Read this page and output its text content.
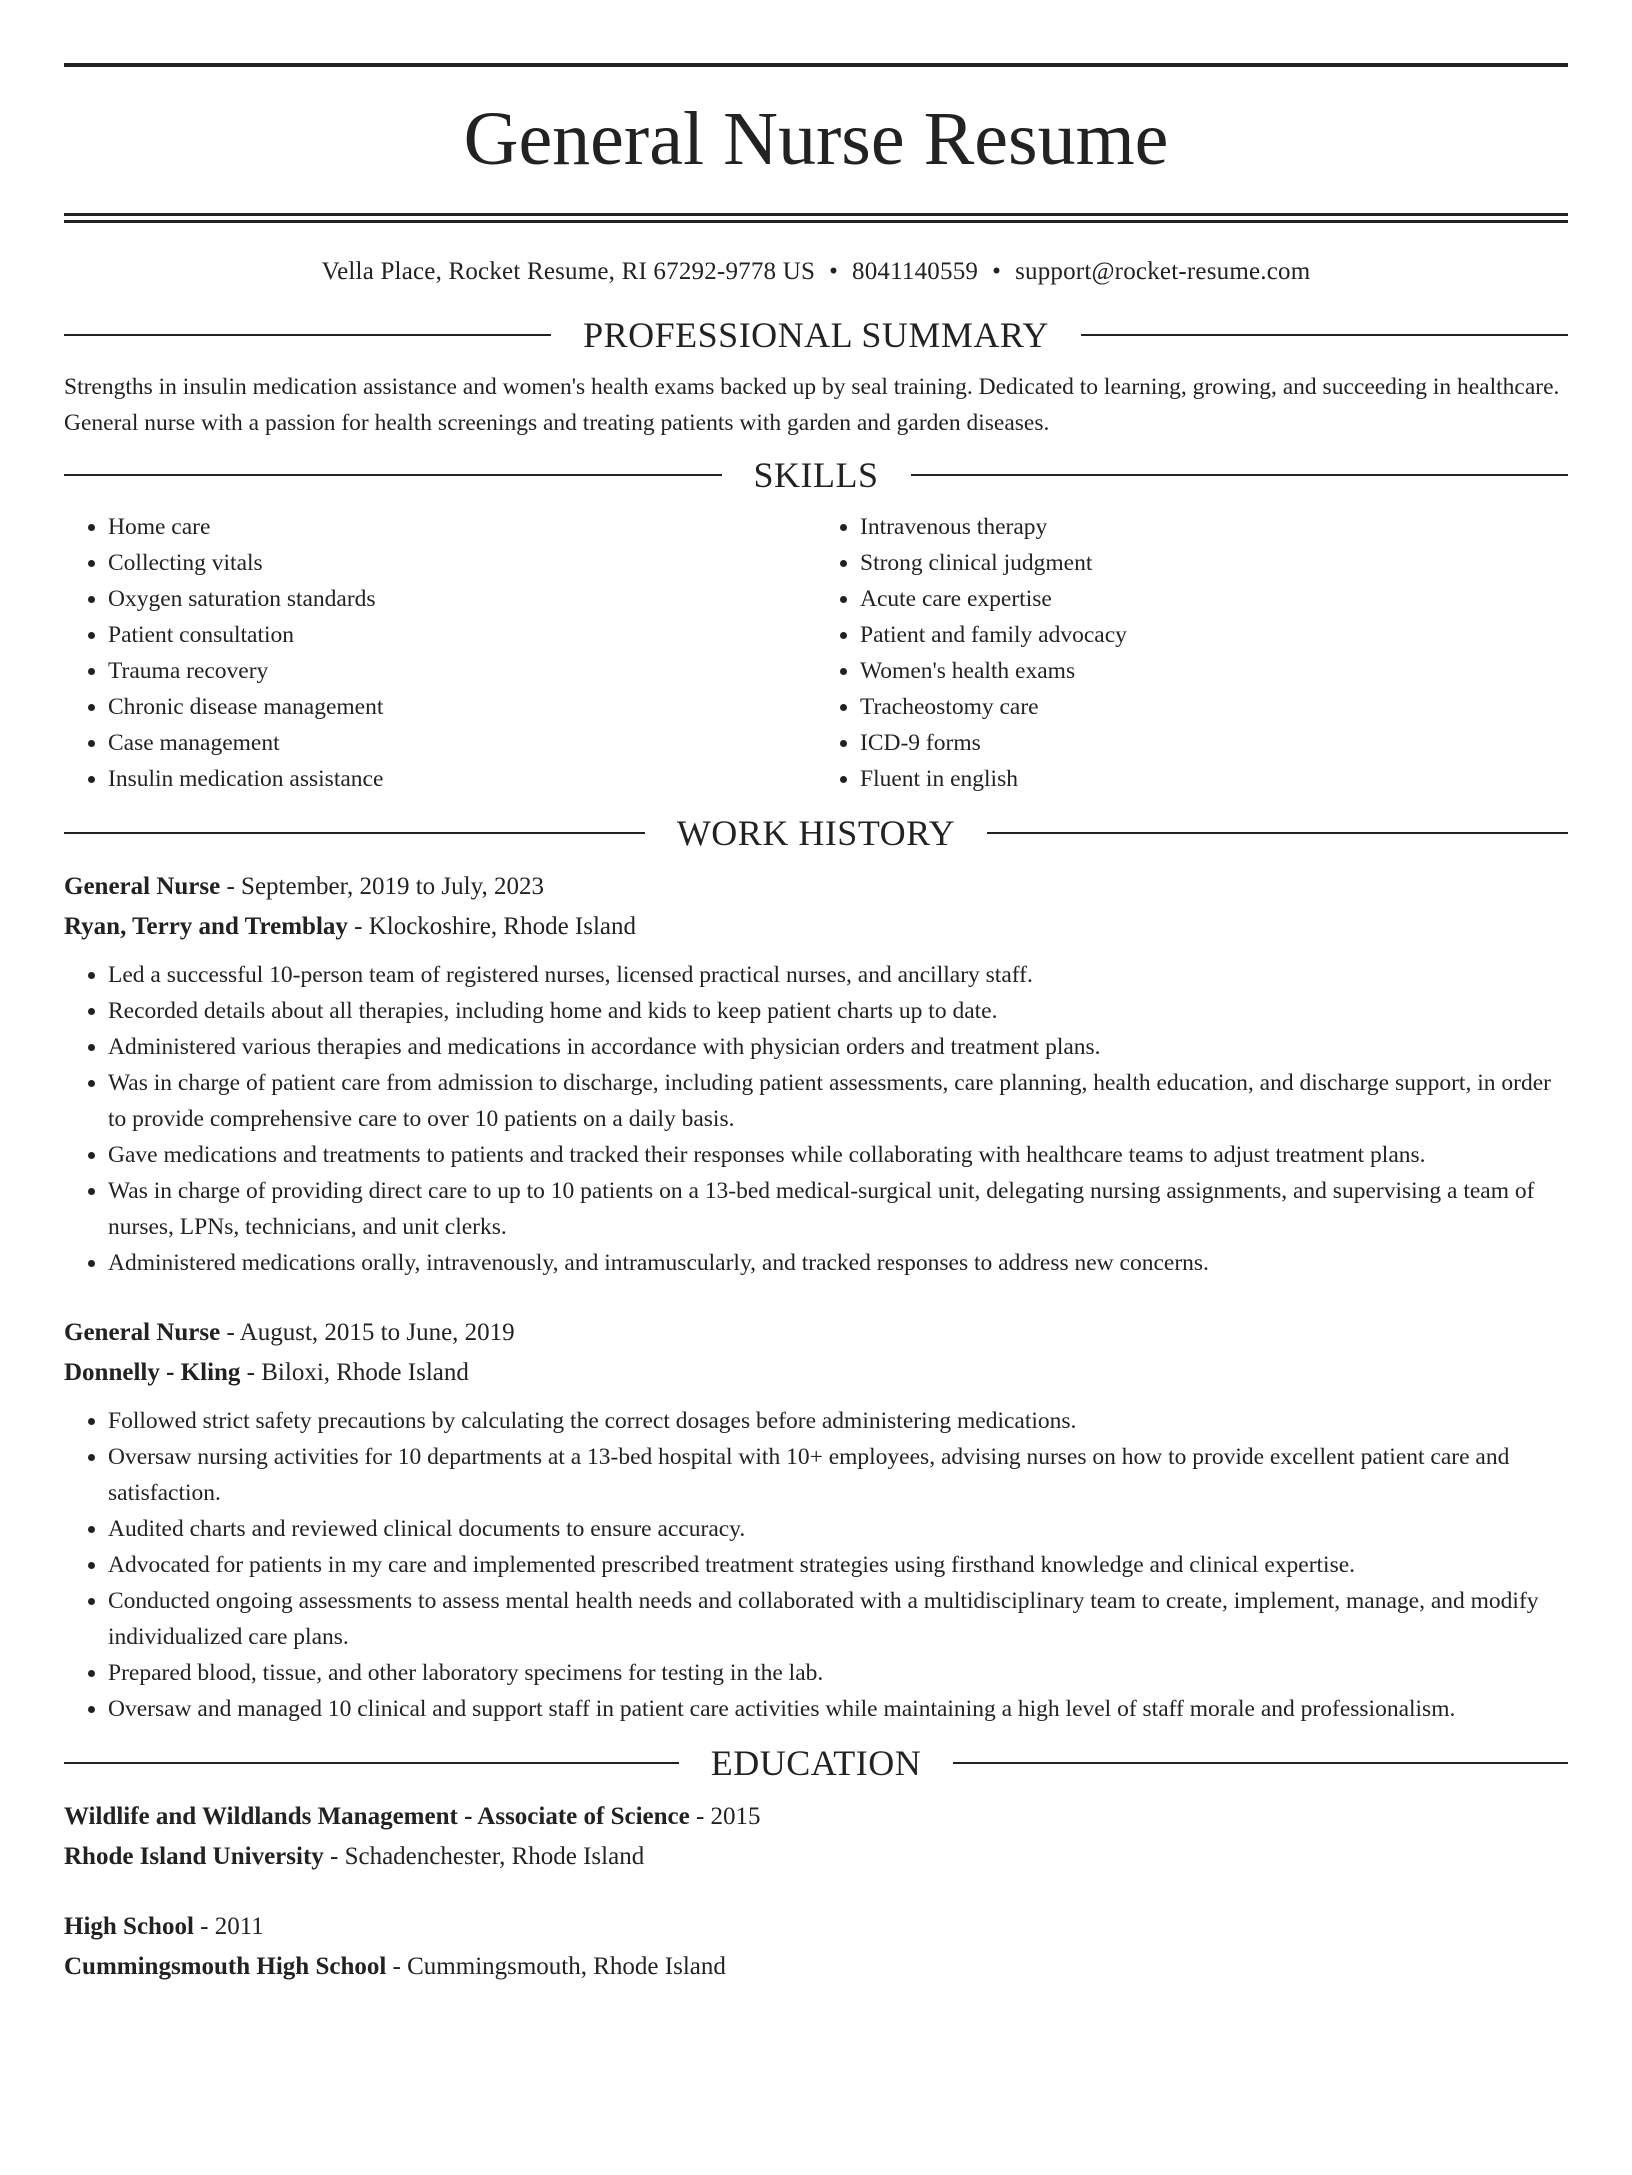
General Nurse Resume
Vella Place, Rocket Resume, RI 67292-9778 US • 8041140559 • support@rocket-resume.com
PROFESSIONAL SUMMARY
Strengths in insulin medication assistance and women's health exams backed up by seal training. Dedicated to learning, growing, and succeeding in healthcare. General nurse with a passion for health screenings and treating patients with garden and garden diseases.
SKILLS
• Home care
• Collecting vitals
• Oxygen saturation standards
• Patient consultation
• Trauma recovery
• Chronic disease management
• Case management
• Insulin medication assistance
• Intravenous therapy
• Strong clinical judgment
• Acute care expertise
• Patient and family advocacy
• Women's health exams
• Tracheostomy care
• ICD-9 forms
• Fluent in english
WORK HISTORY
General Nurse - September, 2019 to July, 2023
Ryan, Terry and Tremblay - Klockoshire, Rhode Island
• Led a successful 10-person team of registered nurses, licensed practical nurses, and ancillary staff.
• Recorded details about all therapies, including home and kids to keep patient charts up to date.
• Administered various therapies and medications in accordance with physician orders and treatment plans.
• Was in charge of patient care from admission to discharge, including patient assessments, care planning, health education, and discharge support, in order to provide comprehensive care to over 10 patients on a daily basis.
• Gave medications and treatments to patients and tracked their responses while collaborating with healthcare teams to adjust treatment plans.
• Was in charge of providing direct care to up to 10 patients on a 13-bed medical-surgical unit, delegating nursing assignments, and supervising a team of nurses, LPNs, technicians, and unit clerks.
• Administered medications orally, intravenously, and intramuscularly, and tracked responses to address new concerns.
General Nurse - August, 2015 to June, 2019
Donnelly - Kling - Biloxi, Rhode Island
• Followed strict safety precautions by calculating the correct dosages before administering medications.
• Oversaw nursing activities for 10 departments at a 13-bed hospital with 10+ employees, advising nurses on how to provide excellent patient care and satisfaction.
• Audited charts and reviewed clinical documents to ensure accuracy.
• Advocated for patients in my care and implemented prescribed treatment strategies using firsthand knowledge and clinical expertise.
• Conducted ongoing assessments to assess mental health needs and collaborated with a multidisciplinary team to create, implement, manage, and modify individualized care plans.
• Prepared blood, tissue, and other laboratory specimens for testing in the lab.
• Oversaw and managed 10 clinical and support staff in patient care activities while maintaining a high level of staff morale and professionalism.
EDUCATION
Wildlife and Wildlands Management - Associate of Science - 2015
Rhode Island University - Schadenchester, Rhode Island
High School - 2011
Cummingsmouth High School - Cummingsmouth, Rhode Island
